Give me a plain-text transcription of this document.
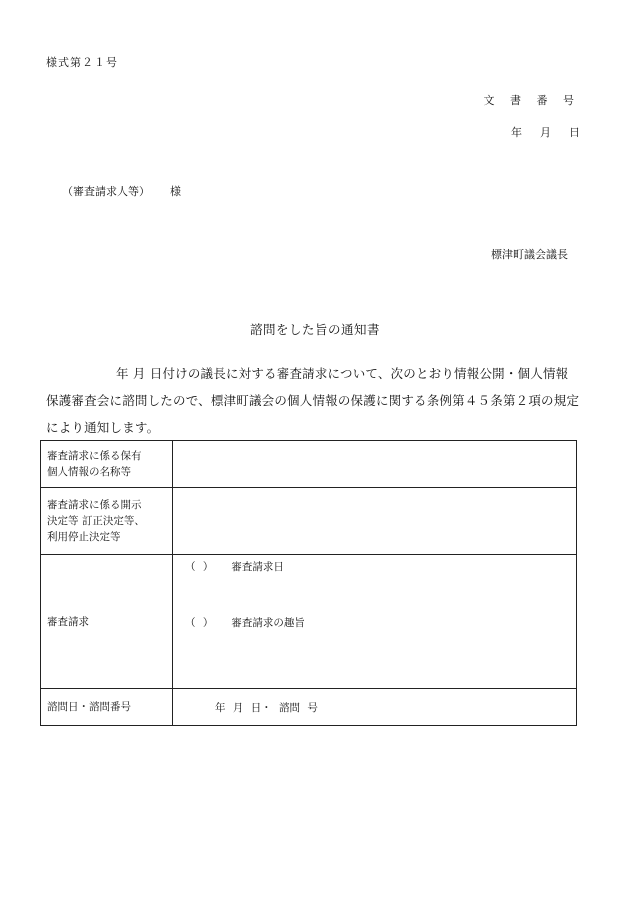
様式第２１号
文 書 番 号
年 月 日
（審査請求人等） 様
標津町議会議長
諮問をした旨の通知書
年 月 日付けの議長に対する審査請求について、次のとおり情報公開・個人情報保護審査会に諮問したので、標津町議会の個人情報の保護に関する条例第４５条第２項の規定により通知します。
審査請求に係る保有
個人情報の名称等	

審査請求に係る開示
決定等 訂正決定等、
利用停止決定等	

審査請求	（ ） 審査請求日
（ ） 審査請求の趣旨

諮問日・諮問番号	年 月 日・ 諮問 号
